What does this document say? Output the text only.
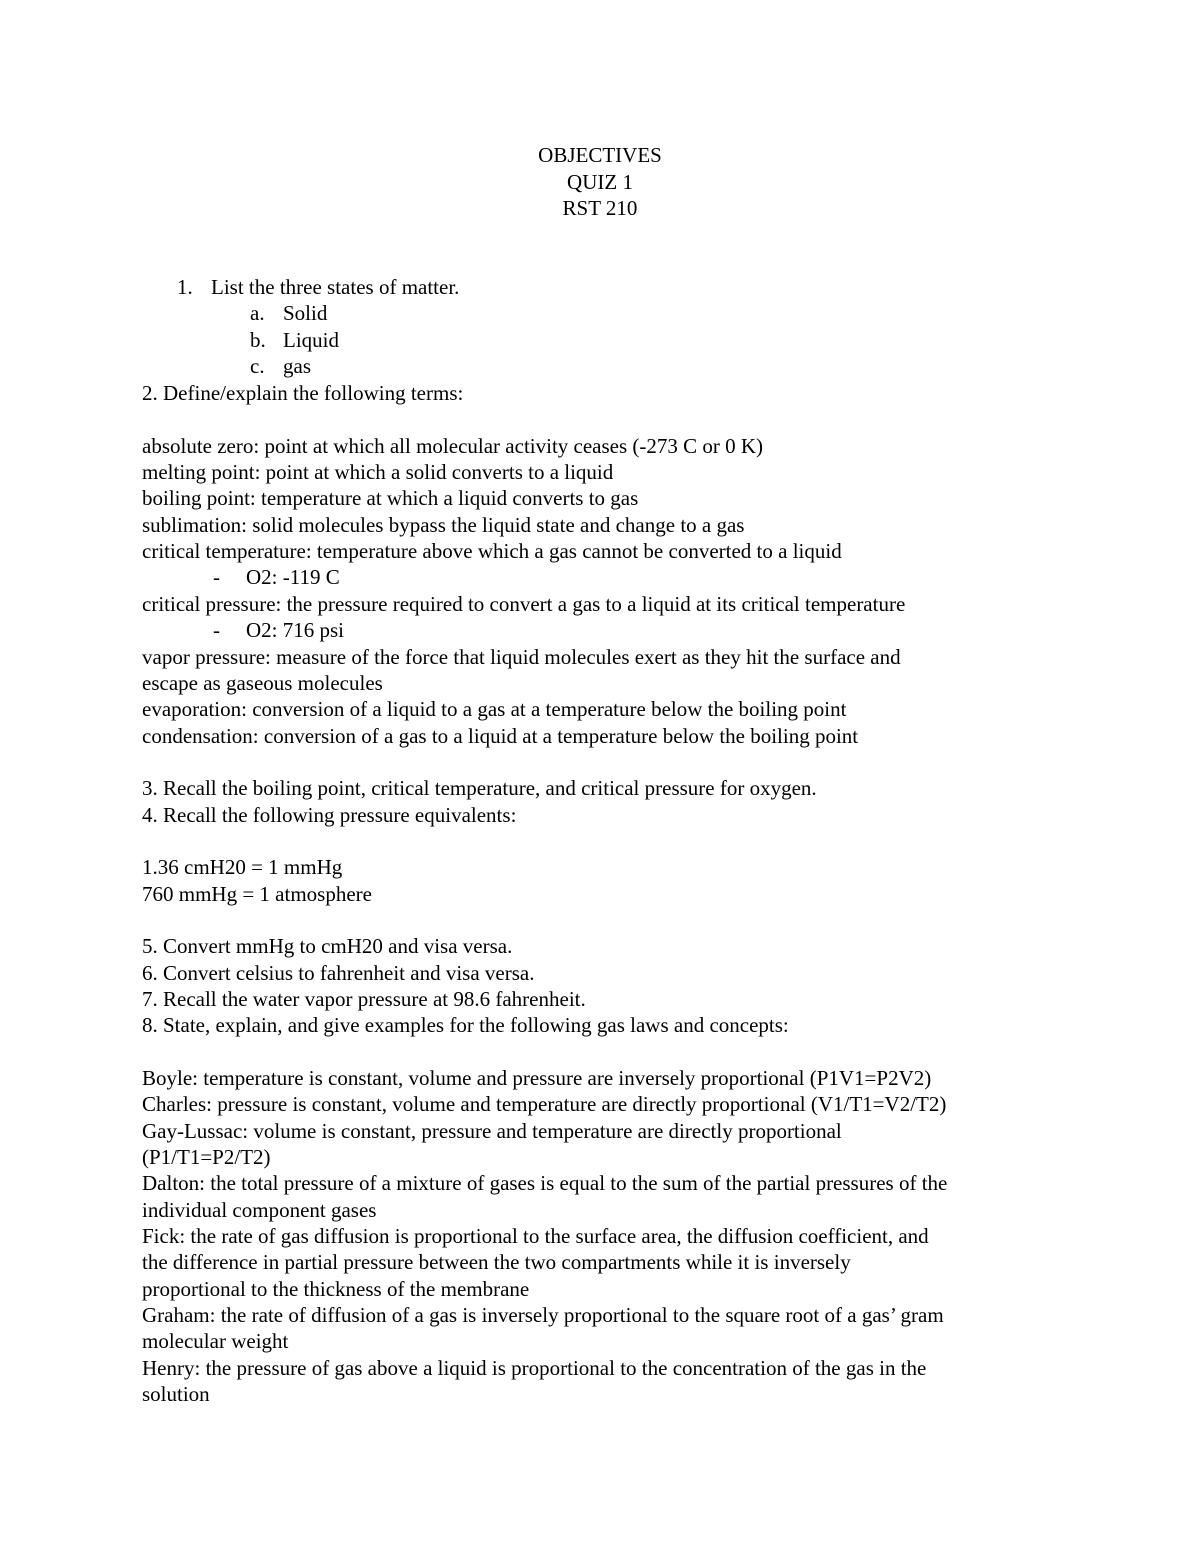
OBJECTIVES
QUIZ 1
RST 210
1. List the three states of matter.
a. Solid
b. Liquid
c. gas
2. Define/explain the following terms:
absolute zero: point at which all molecular activity ceases (-273 C or 0 K)
melting point: point at which a solid converts to a liquid
boiling point: temperature at which a liquid converts to gas
sublimation: solid molecules bypass the liquid state and change to a gas
critical temperature: temperature above which a gas cannot be converted to a liquid
- O2: -119 C
critical pressure: the pressure required to convert a gas to a liquid at its critical temperature
- O2: 716 psi
vapor pressure: measure of the force that liquid molecules exert as they hit the surface and
escape as gaseous molecules
evaporation: conversion of a liquid to a gas at a temperature below the boiling point
condensation: conversion of a gas to a liquid at a temperature below the boiling point
3. Recall the boiling point, critical temperature, and critical pressure for oxygen.
4. Recall the following pressure equivalents:
1.36 cmH20 = 1 mmHg
760 mmHg = 1 atmosphere
5. Convert mmHg to cmH20 and visa versa.
6. Convert celsius to fahrenheit and visa versa.
7. Recall the water vapor pressure at 98.6 fahrenheit.
8. State, explain, and give examples for the following gas laws and concepts:
Boyle: temperature is constant, volume and pressure are inversely proportional (P1V1=P2V2)
Charles: pressure is constant, volume and temperature are directly proportional (V1/T1=V2/T2)
Gay-Lussac: volume is constant, pressure and temperature are directly proportional
(P1/T1=P2/T2)
Dalton: the total pressure of a mixture of gases is equal to the sum of the partial pressures of the
individual component gases
Fick: the rate of gas diffusion is proportional to the surface area, the diffusion coefficient, and
the difference in partial pressure between the two compartments while it is inversely
proportional to the thickness of the membrane
Graham: the rate of diffusion of a gas is inversely proportional to the square root of a gas’ gram
molecular weight
Henry: the pressure of gas above a liquid is proportional to the concentration of the gas in the
solution
